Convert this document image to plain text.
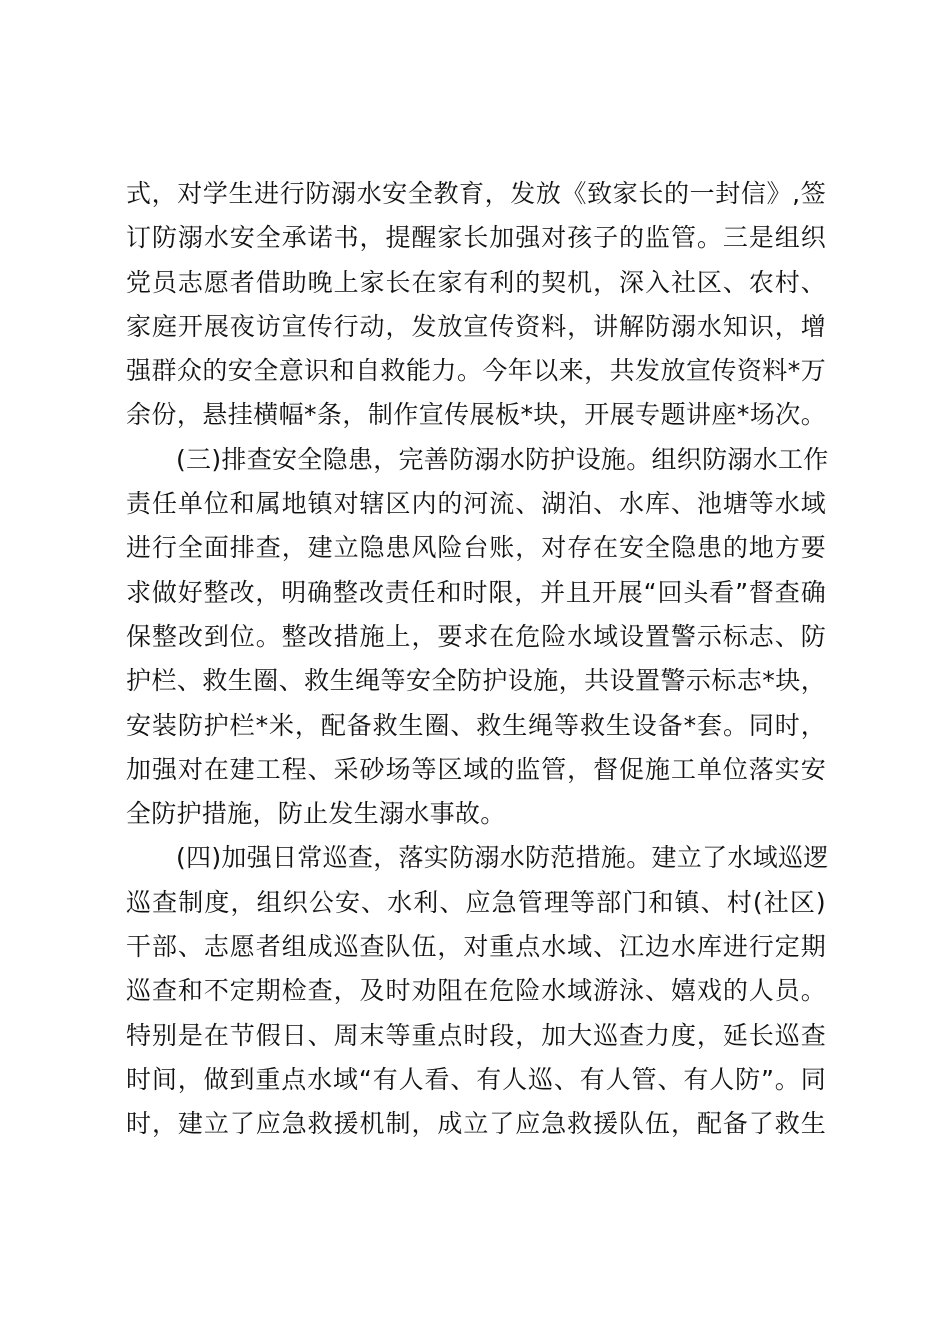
式，对学生进行防溺水安全教育，发放《致家长的一封信》,签
订防溺水安全承诺书，提醒家长加强对孩子的监管。三是组织
党员志愿者借助晚上家长在家有利的契机，深入社区、农村、
家庭开展夜访宣传行动，发放宣传资料，讲解防溺水知识，增
强群众的安全意识和自救能力。今年以来，共发放宣传资料*万
余份，悬挂横幅*条，制作宣传展板*块，开展专题讲座*场次。
(三)排查安全隐患，完善防溺水防护设施。组织防溺水工作
责任单位和属地镇对辖区内的河流、湖泊、水库、池塘等水域
进行全面排查，建立隐患风险台账，对存在安全隐患的地方要
求做好整改，明确整改责任和时限，并且开展“回头看”督查确
保整改到位。整改措施上，要求在危险水域设置警示标志、防
护栏、救生圈、救生绳等安全防护设施，共设置警示标志*块，
安装防护栏*米，配备救生圈、救生绳等救生设备*套。同时，
加强对在建工程、采砂场等区域的监管，督促施工单位落实安
全防护措施，防止发生溺水事故。
(四)加强日常巡查，落实防溺水防范措施。建立了水域巡逻
巡查制度，组织公安、水利、应急管理等部门和镇、村(社区)
干部、志愿者组成巡查队伍，对重点水域、江边水库进行定期
巡查和不定期检查，及时劝阻在危险水域游泳、嬉戏的人员。
特别是在节假日、周末等重点时段，加大巡查力度，延长巡查
时间，做到重点水域“有人看、有人巡、有人管、有人防”。同
时，建立了应急救援机制，成立了应急救援队伍，配备了救生
